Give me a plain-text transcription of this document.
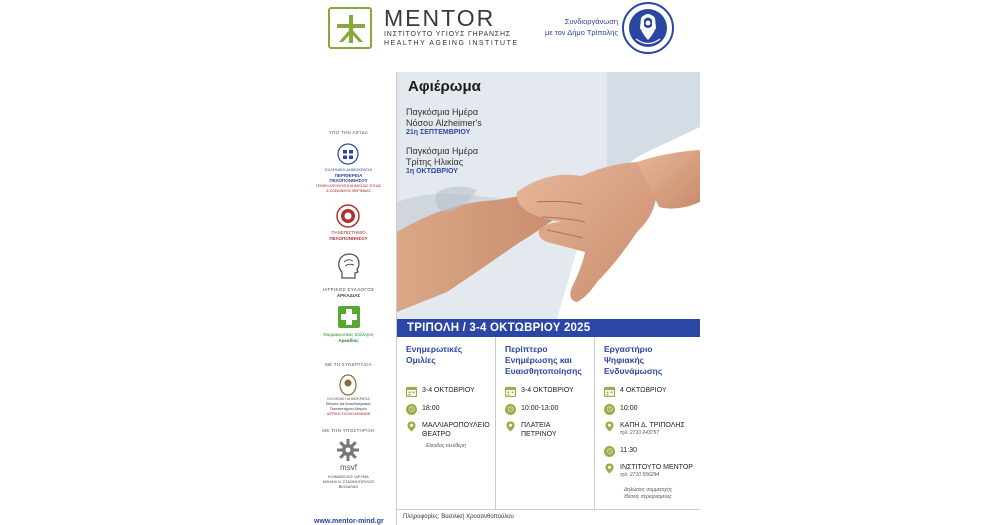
MENTOR
ΙΝΣΤΙΤΟΥΤΟ ΥΓΙΟΥΣ ΓΗΡΑΝΣΗΣ
HEALTHY AGEING INSTITUTE
Συνδιοργάνωση
με τον Δήμο Τρίπολης
ΥΠΟ ΤΗΝ ΑΙΓΙΔΑ
ΕΛΛΗΝΙΚΗ ΔΗΜΟΚΡΑΤΙΑ
ΠΕΡΙΦΕΡΕΙΑ
ΠΕΛΟΠΟΝΝΗΣΟΥ
ΓΕΝΙΚΗ ΔΙΕΥΘΥΝΣΗ ΔΗΜΟΣΙΑΣ ΥΓΕΙΑΣ
& ΚΟΙΝΩΝΙΚΗΣ ΜΕΡΙΜΝΑΣ
ΠΑΝΕΠΙΣΤΗΜΙΟ
ΠΕΛΟΠΟΝΝΗΣΟΥ
ΙΑΤΡΙΚΟΣ ΣΥΛΛΟΓΟΣ
ΑΡΚΑΔΙΑΣ
Φαρμακευτικός Σύλλογος
Αρκαδίας
ΜΕ ΤΗ ΣΥΝΕΡΓΑΣΙΑ
ΕΛΛΗΝΙΚΗ ΔΗΜΟΚΡΑΤΙΑ
Εθνικόν και Καποδιστριακόν
Πανεπιστήμιον Αθηνών
ΙΑΤΡΙΚΗ ΣΧΟΛΗ ΑΘΗΝΩΝ
ΜΕ ΤΗΝ ΥΠΟΣΤΗΡΙΞΗ
msvf
ΚΟΙΝΩΦΕΛΕΣ ΙΔΡΥΜΑ
ΜΙΧΑΗΛ Ν. ΣΤΑΣΙΝΟΠΟΥΛΟΣ
ΒΙΟΧΑΛΚΟ
www.mentor-mind.gr
Αφιέρωμα
Παγκόσμια Ημέρα
Νόσου Alzheimer's
21η ΣΕΠΤΕΜΒΡΙΟΥ
Παγκόσμια Ημέρα
Τρίτης Ηλικίας
1η ΟΚΤΩΒΡΙΟΥ
ΤΡΙΠΟΛΗ / 3-4 ΟΚΤΩΒΡΙΟΥ 2025
Ενημερωτικές
Ομιλίες
3-4 ΟΚΤΩΒΡΙΟΥ
◷	18:00
ΜΑΛΛΙΑΡΟΠΟΥΛΕΙΟ
ΘΕΑΤΡΟ
Είσοδος ελεύθερη
Περίπτερο
Ενημέρωσης και
Ευαισθητοποίησης
3-4 ΟΚΤΩΒΡΙΟΥ
◷	10:00-13:00
ΠΛΑΤΕΙΑ
ΠΕΤΡΙΝΟΥ
Εργαστήριο
Ψηφιακής
Ενδυνάμωσης
4 ΟΚΤΩΒΡΙΟΥ
◷	10:00
ΚΑΠΗ Δ. ΤΡΙΠΟΛΗΣ
τηλ: 2710 243757
◷	11:30
ΙΝΣΤΙΤΟΥΤΟ ΜΕΝΤΟΡ
τηλ: 2710 556294
Δηλώσεις συμμετοχής
Θέσεις περιορισμένες
Πληροφορίες: Βασιλική Χρυσανθοπούλου
